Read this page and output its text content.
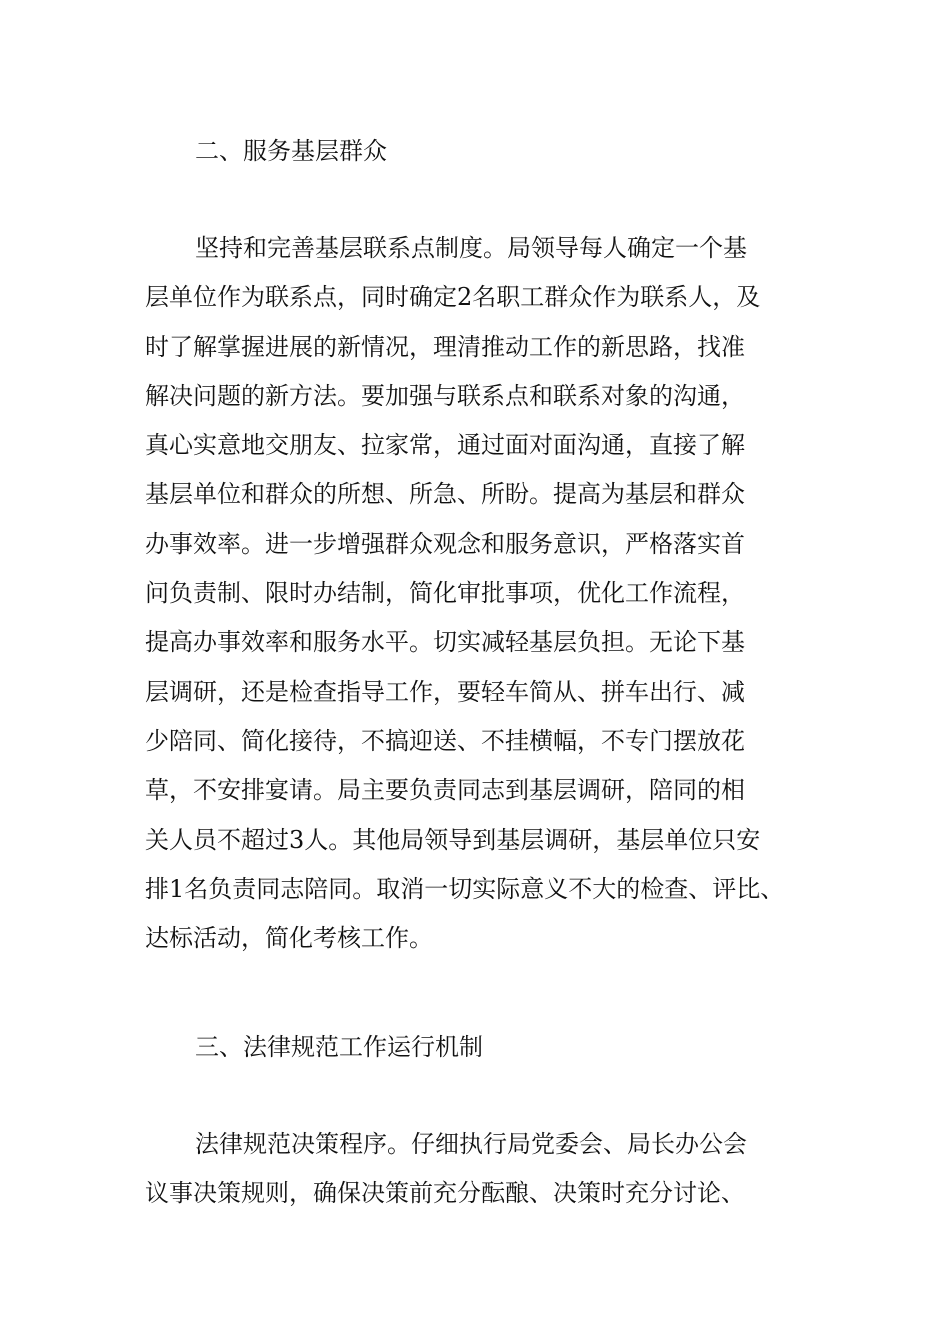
二、服务基层群众
坚持和完善基层联系点制度。局领导每人确定一个基
层单位作为联系点，同时确定2名职工群众作为联系人，及
时了解掌握进展的新情况，理清推动工作的新思路，找准
解决问题的新方法。要加强与联系点和联系对象的沟通，
真心实意地交朋友、拉家常，通过面对面沟通，直接了解
基层单位和群众的所想、所急、所盼。提高为基层和群众
办事效率。进一步增强群众观念和服务意识，严格落实首
问负责制、限时办结制，简化审批事项，优化工作流程，
提高办事效率和服务水平。切实减轻基层负担。无论下基
层调研，还是检查指导工作，要轻车简从、拼车出行、减
少陪同、简化接待，不搞迎送、不挂横幅，不专门摆放花
草，不安排宴请。局主要负责同志到基层调研，陪同的相
关人员不超过3人。其他局领导到基层调研，基层单位只安
排1名负责同志陪同。取消一切实际意义不大的检查、评比、
达标活动，简化考核工作。
三、法律规范工作运行机制
法律规范决策程序。仔细执行局党委会、局长办公会
议事决策规则，确保决策前充分酝酿、决策时充分讨论、
